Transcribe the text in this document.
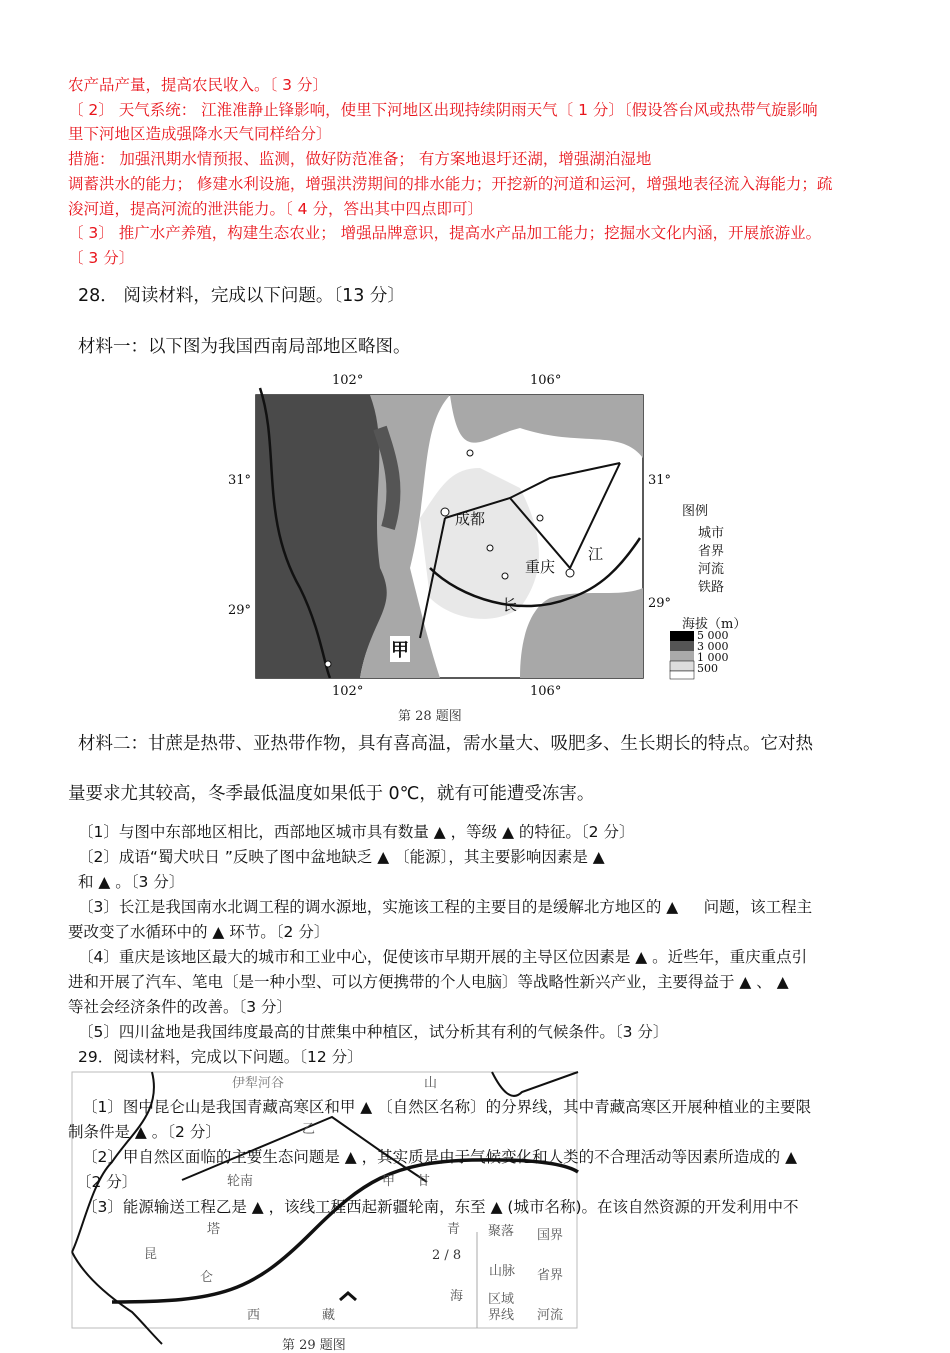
农产品产量，提高农民收入。〔 3 分〕
〔 2〕 天气系统： 江淮准静止锋影响，使里下河地区出现持续阴雨天气〔 1 分〕〔假设答台风或热带气旋影响
里下河地区造成强降水天气同样给分〕
措施： 加强汛期水情预报、监测，做好防范准备； 有方案地退圩还湖，增强湖泊湿地
调蓄洪水的能力； 修建水利设施，增强洪涝期间的排水能力；开挖新的河道和运河，增强地表径流入海能力；疏
浚河道，提高河流的泄洪能力。〔 4 分，答出其中四点即可〕
〔 3〕 推广水产养殖，构建生态农业； 增强品牌意识，提高水产品加工能力；挖掘水文化内涵，开展旅游业。
〔 3 分〕
28． 阅读材料，完成以下问题。〔13 分〕
材料一：以下图为我国西南局部地区略图。
102°	106°
102°	106°
31°
29°
31°
29°
成都
重庆
江
长
甲
图例
城市
省界
河流
铁路
海拔（m）
5 000
3 000
1 000
500
第 28 题图
材料二：甘蔗是热带、亚热带作物，具有喜高温，需水量大、吸肥多、生长期长的特点。它对热
量要求尤其较高，冬季最低温度如果低于 0℃，就有可能遭受冻害。
〔1〕与图中东部地区相比，西部地区城市具有数量 ▲ ，等级 ▲ 的特征。〔2 分〕
〔2〕成语“蜀犬吠日 ”反映了图中盆地缺乏 ▲ 〔能源〕，其主要影响因素是 ▲
和 ▲ 。〔3 分〕
〔3〕长江是我国南水北调工程的调水源地，实施该工程的主要目的是缓解北方地区的 ▲ 　 问题，该工程主
要改变了水循环中的 ▲ 环节。〔2 分〕
〔4〕重庆是该地区最大的城市和工业中心，促使该市早期开展的主导区位因素是 ▲ 。近些年，重庆重点引
进和开展了汽车、笔电〔是一种小型、可以方便携带的个人电脑〕等战略性新兴产业，主要得益于 ▲ 、 ▲
等社会经济条件的改善。〔3 分〕
〔5〕四川盆地是我国纬度最高的甘蔗集中种植区，试分析其有利的气候条件。〔3 分〕
29．阅读材料，完成以下问题。〔12 分〕
伊犁河谷	山
乙
甘
轮南	甲
塔	青
昆
仑
海
西	藏
聚落 国界
山脉 省界
区域界线	河流
第 29 题图
2 / 8
〔1〕图中昆仑山是我国青藏高寒区和甲 ▲ 〔自然区名称〕的分界线，其中青藏高寒区开展种植业的主要限
制条件是 ▲ 。〔2 分〕
〔2〕甲自然区面临的主要生态问题是 ▲ ，其实质是由于气候变化和人类的不合理活动等因素所造成的 ▲
〔2 分〕
〔3〕能源输送工程乙是 ▲ ，该线工程西起新疆轮南，东至 ▲ (城市名称)。在该自然资源的开发利用中不
